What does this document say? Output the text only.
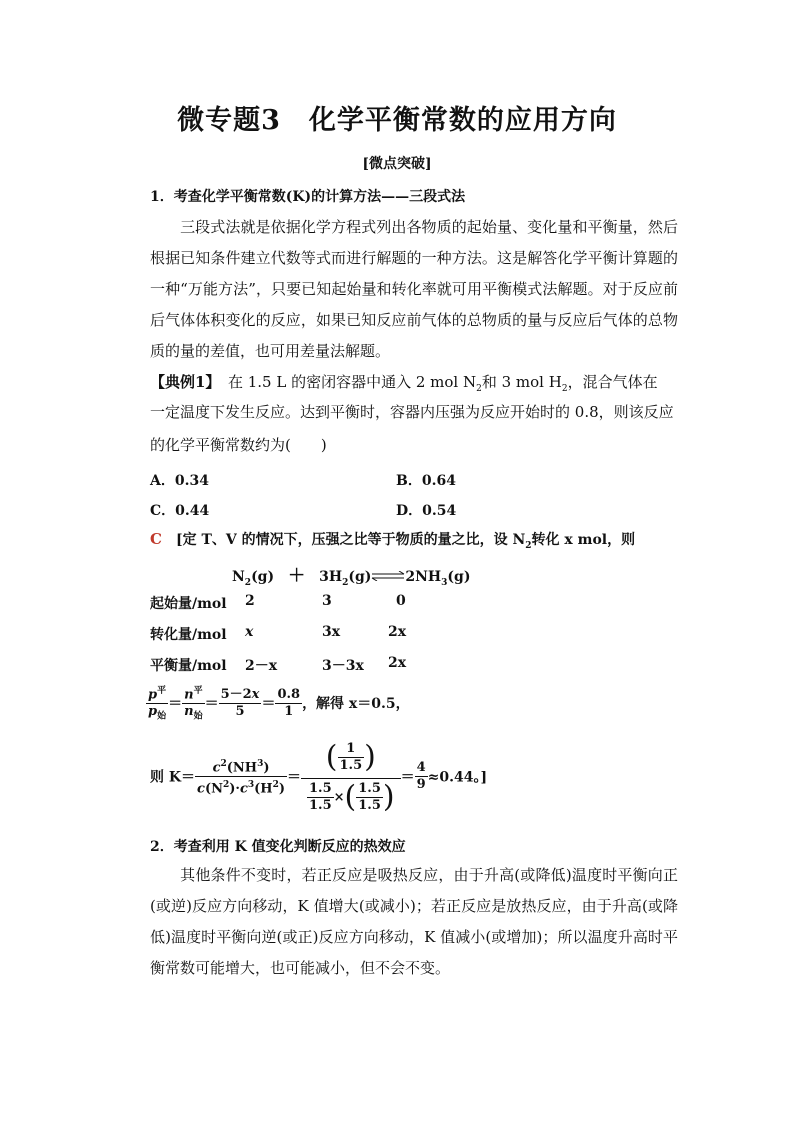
微专题3　化学平衡常数的应用方向
[微点突破]
1．考查化学平衡常数(K)的计算方法——三段式法
三段式法就是依据化学方程式列出各物质的起始量、变化量和平衡量，然后根据已知条件建立代数等式而进行解题的一种方法。这是解答化学平衡计算题的一种“万能方法”，只要已知起始量和转化率就可用平衡模式法解题。对于反应前后气体体积变化的反应，如果已知反应前气体的总物质的量与反应后气体的总物质的量的差值，也可用差量法解题。
【典例1】　 在 1.5 L 的密闭容器中通入 2 mol $N_2$和 3 mol $H_2$，混合气体在
一定温度下发生反应。达到平衡时，容器内压强为反应开始时的 0.8，则该反应
的化学平衡常数约为(　　)
A．0.34	B．0.64
C．0.44	D．0.54
C　 [定 T、V 的情况下，压强之比等于物质的量之比，设 $N_2$转化 x mol，则
$N_2(g)$　 ＋　 $3H_2(g)\rightleftharpoons 2NH_3(g)$
起始量/mol 2	3	0
转化量/mol x	3x	2x
平衡量/mol 2－x	3－3x 2x
$\frac{p^平}{p_始} = \frac{n^平}{n_始} = \frac{5-2x}{5} = \frac{0.8}{1}$ ，解得 x＝0.5，
则 $K= \frac{c^2(NH^3)}{c(N^2)\cdot c^3(H^2)} = \frac{( \frac{1}{1.5} )}{\frac{1.5}{1.5} \times( \frac{1.5}{1.5} )} = \frac{4}{9} \approx 0.44$。]
2．考查利用 K 值变化判断反应的热效应
其他条件不变时，若正反应是吸热反应，由于升高(或降低)温度时平衡向正(或逆)反应方向移动，K 值增大(或减小)；若正反应是放热反应，由于升高(或降低)温度时平衡向逆(或正)反应方向移动，K 值减小(或增加)；所以温度升高时平衡常数可能增大，也可能减小，但不会不变。
